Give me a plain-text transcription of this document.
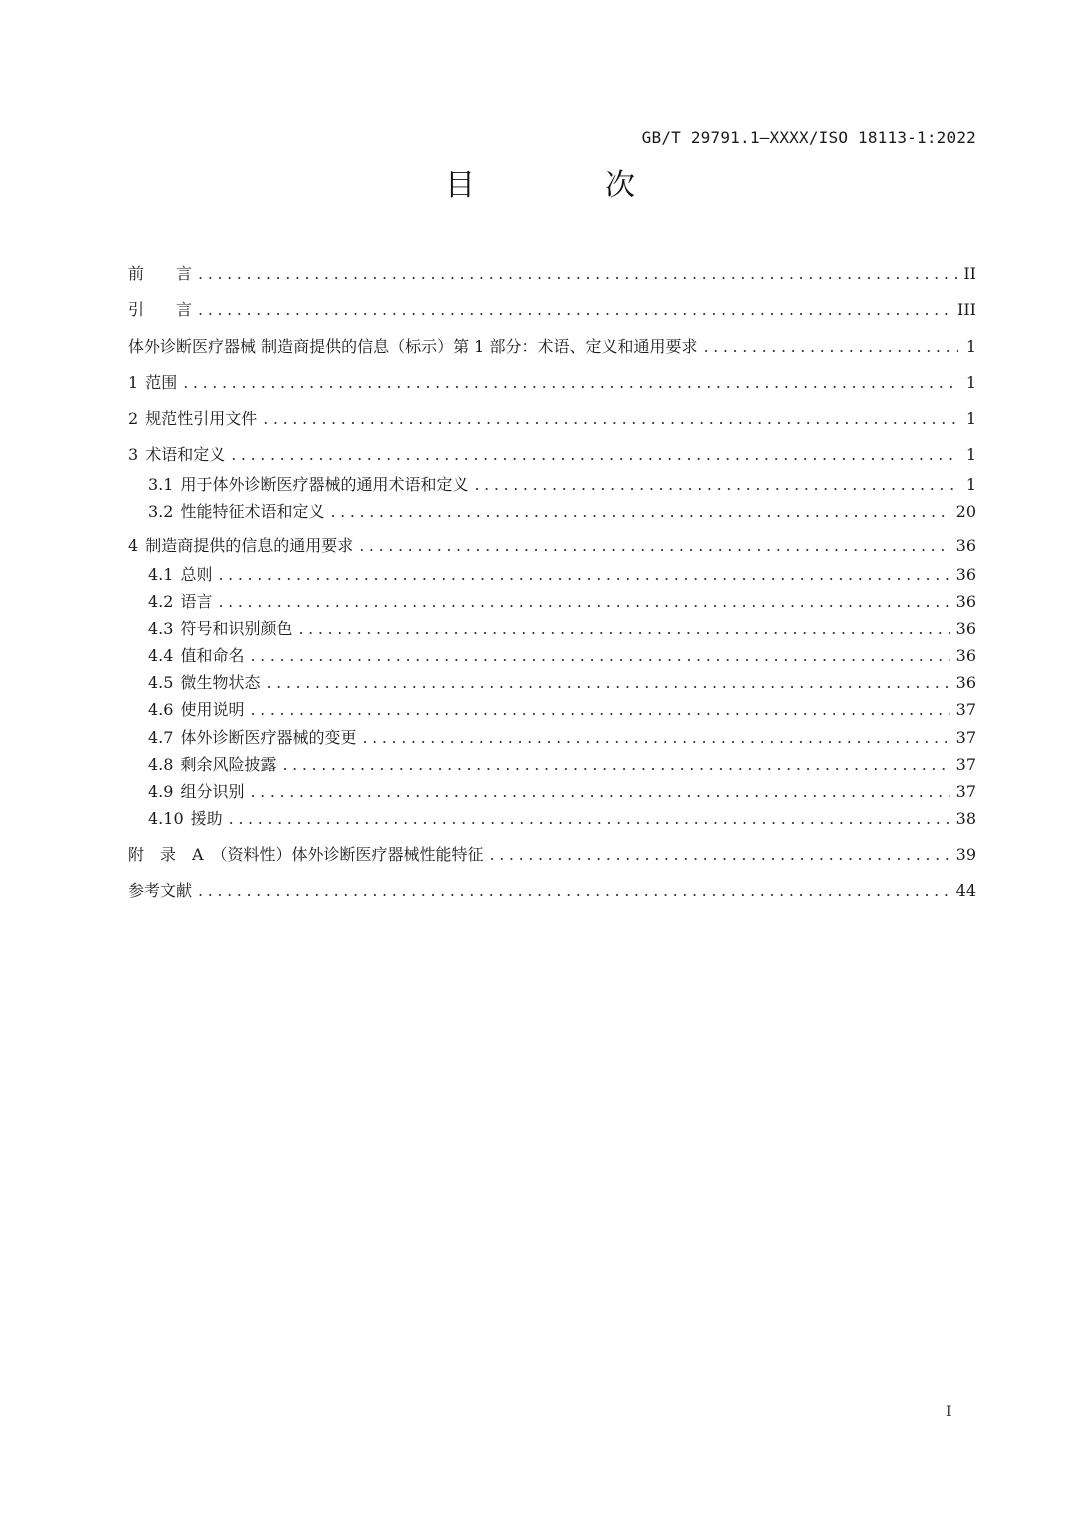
GB/T 29791.1—XXXX/ISO 18113-1:2022
目　次
前　　言 .....	II
引　　言 .....	III
体外诊断医疗器械 制造商提供的信息（标示）第 1 部分：术语、定义和通用要求 .....	1
1 范围 .....	1
2 规范性引用文件 .....	1
3 术语和定义 .....	1
3.1 用于体外诊断医疗器械的通用术语和定义 .....	1
3.2 性能特征术语和定义 .....	20
4 制造商提供的信息的通用要求 .....	36
4.1 总则 .....	36
4.2 语言 .....	36
4.3 符号和识别颜色 .....	36
4.4 值和命名 .....	36
4.5 微生物状态 .....	36
4.6 使用说明 .....	37
4.7 体外诊断医疗器械的变更 .....	37
4.8 剩余风险披露 .....	37
4.9 组分识别 .....	37
4.10 援助 .....	38
附　录　A　（资料性）体外诊断医疗器械性能特征 .....	39
参考文献 .....	44
I
